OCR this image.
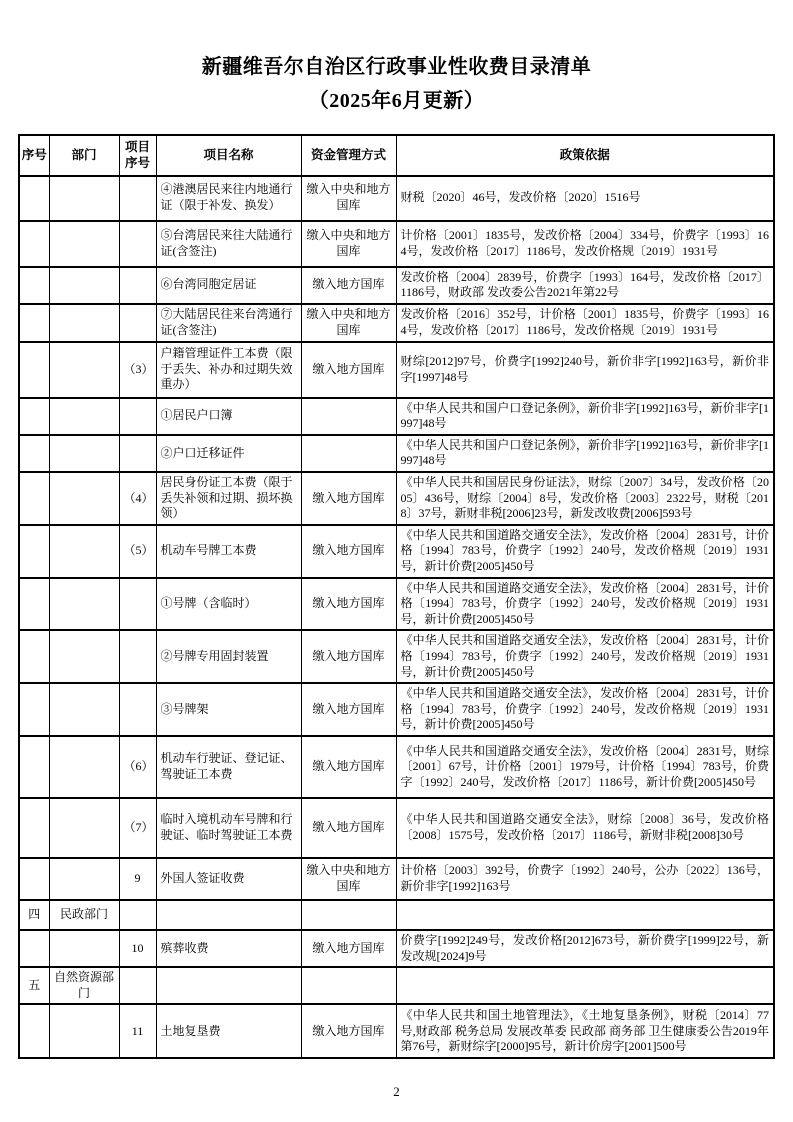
新疆维吾尔自治区行政事业性收费目录清单
（2025年6月更新）
序号	部门	项目序号	项目名称	资金管理方式	政策依据
			④港澳居民来往内地通行证（限于补发、换发）	缴入中央和地方国库	财税〔2020〕46号，发改价格〔2020〕1516号
			⑤台湾居民来往大陆通行证(含签注)	缴入中央和地方国库	计价格〔2001〕1835号，发改价格〔2004〕334号，价费字〔1993〕164号，发改价格〔2017〕1186号，发改价格规〔2019〕1931号
			⑥台湾同胞定居证	缴入地方国库	发改价格〔2004〕2839号，价费字〔1993〕164号，发改价格〔2017〕1186号，财政部 发改委公告2021年第22号
			⑦大陆居民往来台湾通行证(含签注)	缴入中央和地方国库	发改价格〔2016〕352号，计价格〔2001〕1835号，价费字〔1993〕164号，发改价格〔2017〕1186号，发改价格规〔2019〕1931号
		（3）	户籍管理证件工本费（限于丢失、补办和过期失效重办）	缴入地方国库	财综[2012]97号，价费字[1992]240号，新价非字[1992]163号，新价非字[1997]48号
			①居民户口簿		《中华人民共和国户口登记条例》，新价非字[1992]163号，新价非字[1997]48号
			②户口迁移证件		《中华人民共和国户口登记条例》，新价非字[1992]163号，新价非字[1997]48号
		（4）	居民身份证工本费（限于丢失补领和过期、损坏换领）	缴入地方国库	《中华人民共和国居民身份证法》，财综〔2007〕34号，发改价格〔2005〕436号，财综〔2004〕8号，发改价格〔2003〕2322号，财税〔2018〕37号，新财非税[2006]23号，新发改收费[2006]593号
		（5）	机动车号牌工本费	缴入地方国库	《中华人民共和国道路交通安全法》，发改价格〔2004〕2831号，计价格〔1994〕783号，价费字〔1992〕240号，发改价格规〔2019〕1931号，新计价费[2005]450号
			①号牌（含临时）	缴入地方国库	《中华人民共和国道路交通安全法》，发改价格〔2004〕2831号，计价格〔1994〕783号，价费字〔1992〕240号，发改价格规〔2019〕1931号，新计价费[2005]450号
			②号牌专用固封装置	缴入地方国库	《中华人民共和国道路交通安全法》，发改价格〔2004〕2831号，计价格〔1994〕783号，价费字〔1992〕240号，发改价格规〔2019〕1931号，新计价费[2005]450号
			③号牌架	缴入地方国库	《中华人民共和国道路交通安全法》，发改价格〔2004〕2831号，计价格〔1994〕783号，价费字〔1992〕240号，发改价格规〔2019〕1931号，新计价费[2005]450号
		（6）	机动车行驶证、登记证、驾驶证工本费	缴入地方国库	《中华人民共和国道路交通安全法》，发改价格〔2004〕2831号，财综〔2001〕67号，计价格〔2001〕1979号，计价格〔1994〕783号，价费字〔1992〕240号，发改价格〔2017〕1186号，新计价费[2005]450号
		（7）	临时入境机动车号牌和行驶证、临时驾驶证工本费	缴入地方国库	《中华人民共和国道路交通安全法》，财综〔2008〕36号，发改价格〔2008〕1575号，发改价格〔2017〕1186号，新财非税[2008]30号
		9	外国人签证收费	缴入中央和地方国库	计价格〔2003〕392号，价费字〔1992〕240号，公办〔2022〕136号，新价非字[1992]163号
四	民政部门				
		10	殡葬收费	缴入地方国库	价费字[1992]249号，发改价格[2012]673号，新价费字[1999]22号，新发改规[2024]9号
五	自然资源部门				
		11	土地复垦费	缴入地方国库	《中华人民共和国土地管理法》，《土地复垦条例》，财税〔2014〕77号,财政部 税务总局 发展改革委 民政部 商务部 卫生健康委公告2019年第76号，新财综字[2000]95号，新计价房字[2001]500号
2
